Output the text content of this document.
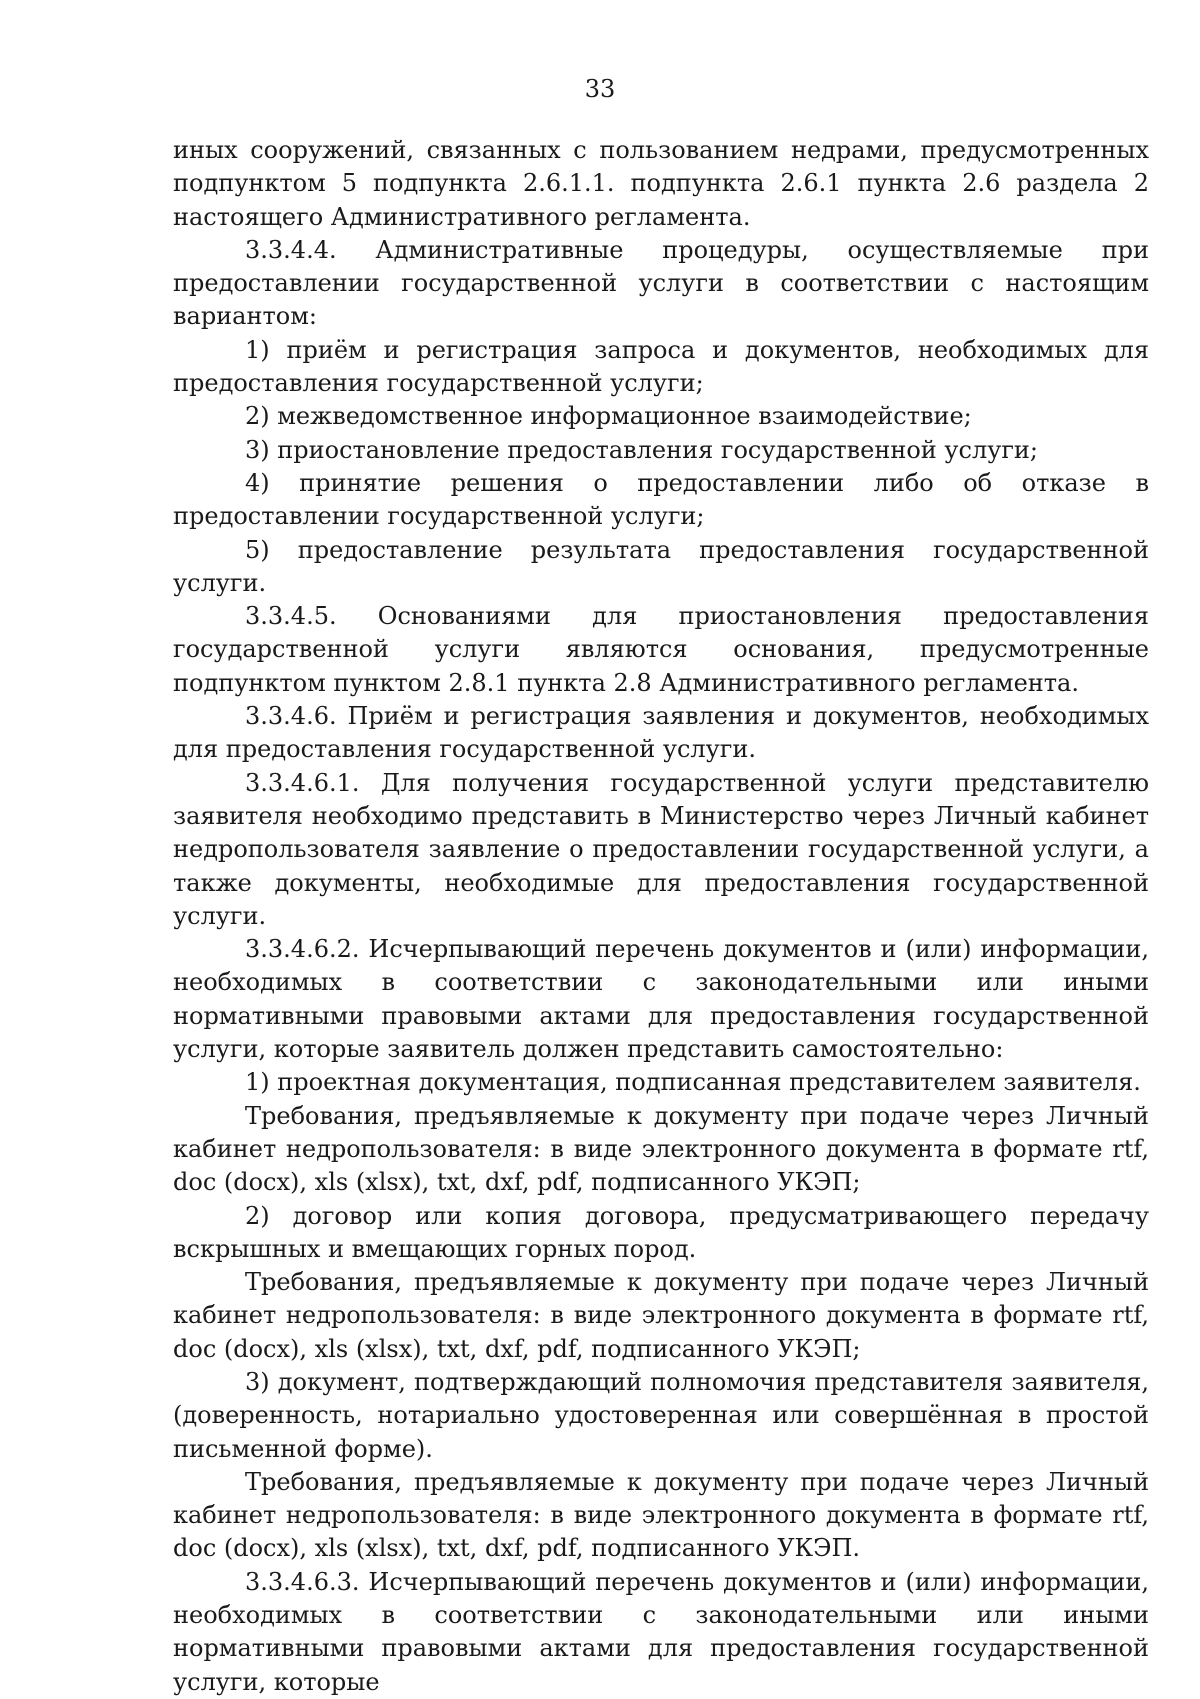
33

иных сооружений, связанных с пользованием недрами, предусмотренных подпунктом 5 подпункта 2.6.1.1. подпункта 2.6.1 пункта 2.6 раздела 2 настоящего Административного регламента.

3.3.4.4. Административные процедуры, осуществляемые при предоставлении государственной услуги в соответствии с настоящим вариантом:

1) приём и регистрация запроса и документов, необходимых для предоставления государственной услуги;

2) межведомственное информационное взаимодействие;

3) приостановление предоставления государственной услуги;

4) принятие решения о предоставлении либо об отказе в предоставлении государственной услуги;

5) предоставление результата предоставления государственной услуги.

3.3.4.5. Основаниями для приостановления предоставления государственной услуги являются основания, предусмотренные подпунктом пунктом 2.8.1 пункта 2.8 Административного регламента.

3.3.4.6. Приём и регистрация заявления и документов, необходимых для предоставления государственной услуги.

3.3.4.6.1. Для получения государственной услуги представителю заявителя необходимо представить в Министерство через Личный кабинет недропользователя заявление о предоставлении государственной услуги, а также документы, необходимые для предоставления государственной услуги.

3.3.4.6.2. Исчерпывающий перечень документов и (или) информации, необходимых в соответствии с законодательными или иными нормативными правовыми актами для предоставления государственной услуги, которые заявитель должен представить самостоятельно:

1) проектная документация, подписанная представителем заявителя.

Требования, предъявляемые к документу при подаче через Личный кабинет недропользователя: в виде электронного документа в формате rtf, doc (docx), xls (xlsx), txt, dxf, pdf, подписанного УКЭП;

2) договор или копия договора, предусматривающего передачу вскрышных и вмещающих горных пород.

Требования, предъявляемые к документу при подаче через Личный кабинет недропользователя: в виде электронного документа в формате rtf, doc (docx), xls (xlsx), txt, dxf, pdf, подписанного УКЭП;

3) документ, подтверждающий полномочия представителя заявителя, (доверенность, нотариально удостоверенная или совершённая в простой письменной форме).

Требования, предъявляемые к документу при подаче через Личный кабинет недропользователя: в виде электронного документа в формате rtf, doc (docx), xls (xlsx), txt, dxf, pdf, подписанного УКЭП.

3.3.4.6.3. Исчерпывающий перечень документов и (или) информации, необходимых в соответствии с законодательными или иными нормативными правовыми актами для предоставления государственной услуги, которые
